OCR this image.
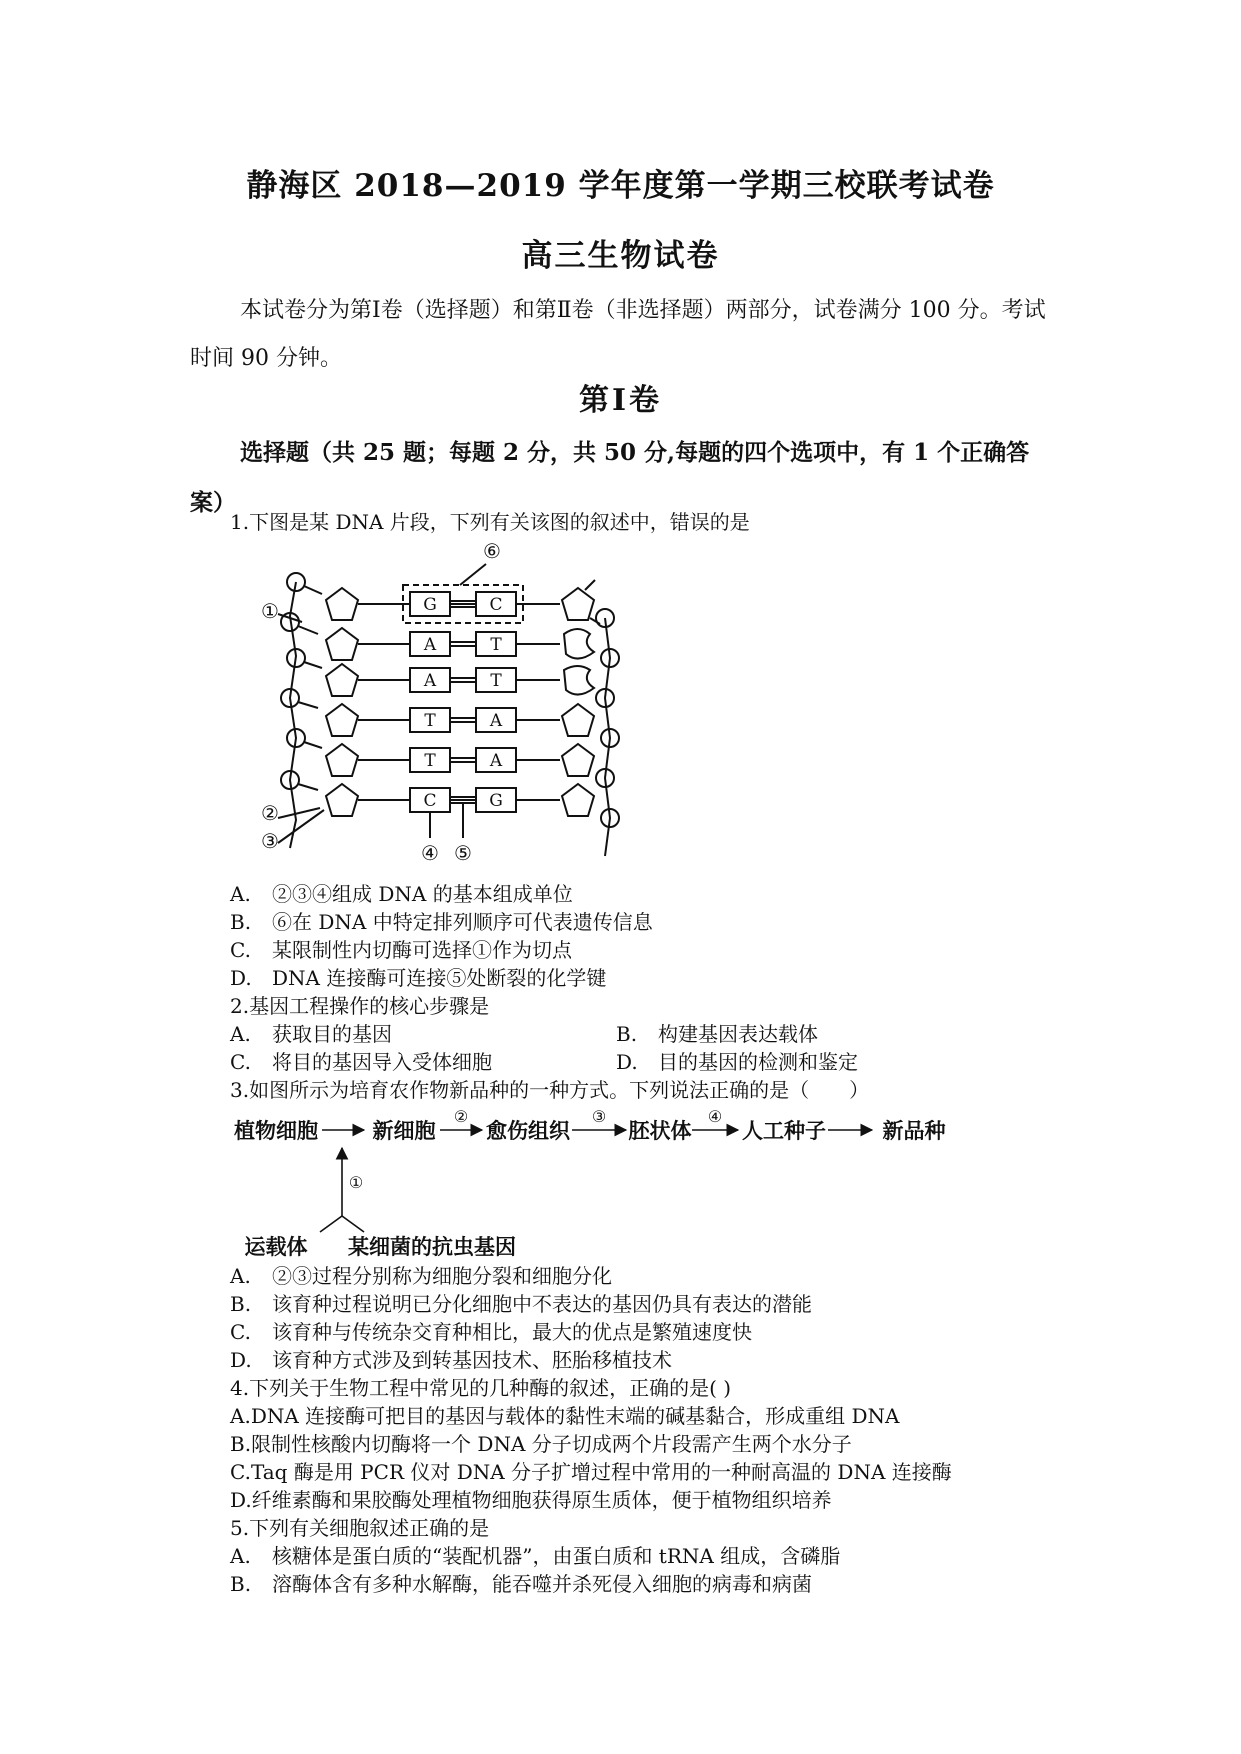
静海区 2018—2019 学年度第一学期三校联考试卷
高三生物试卷

本试卷分为第Ⅰ卷（选择题）和第Ⅱ卷（非选择题）两部分，试卷满分 100 分。考试时间 90 分钟。

第Ⅰ卷

选择题（共 25 题；每题 2 分，共 50 分,每题的四个选项中，有 1 个正确答案）

1.下图是某 DNA 片段，下列有关该图的叙述中，错误的是
G	C
A	T
A	T
T	A
T	A
C	G
⑥
①
②
③	④ ⑤
A. ②③④组成 DNA 的基本组成单位
B. ⑥在 DNA 中特定排列顺序可代表遗传信息
C. 某限制性内切酶可选择①作为切点
D. DNA 连接酶可连接⑤处断裂的化学键
2.基因工程操作的核心步骤是
A. 获取目的基因	B. 构建基因表达载体
C. 将目的基因导入受体细胞	D. 目的基因的检测和鉴定
3.如图所示为培育农作物新品种的一种方式。下列说法正确的是（　　）
植物细胞	新细胞 愈伤组织	胚状体 人工种子	新品种
运载体 某细菌的抗虫基因
②	③	④
①
A. ②③过程分别称为细胞分裂和细胞分化
B. 该育种过程说明已分化细胞中不表达的基因仍具有表达的潜能
C. 该育种与传统杂交育种相比，最大的优点是繁殖速度快
D. 该育种方式涉及到转基因技术、胚胎移植技术
4.下列关于生物工程中常见的几种酶的叙述，正确的是( )
A.DNA 连接酶可把目的基因与载体的黏性末端的碱基黏合，形成重组 DNA
B.限制性核酸内切酶将一个 DNA 分子切成两个片段需产生两个水分子
C.Taq 酶是用 PCR 仪对 DNA 分子扩增过程中常用的一种耐高温的 DNA 连接酶
D.纤维素酶和果胶酶处理植物细胞获得原生质体，便于植物组织培养
5.下列有关细胞叙述正确的是
A. 核糖体是蛋白质的“装配机器”，由蛋白质和 tRNA 组成，含磷脂
B. 溶酶体含有多种水解酶，能吞噬并杀死侵入细胞的病毒和病菌
